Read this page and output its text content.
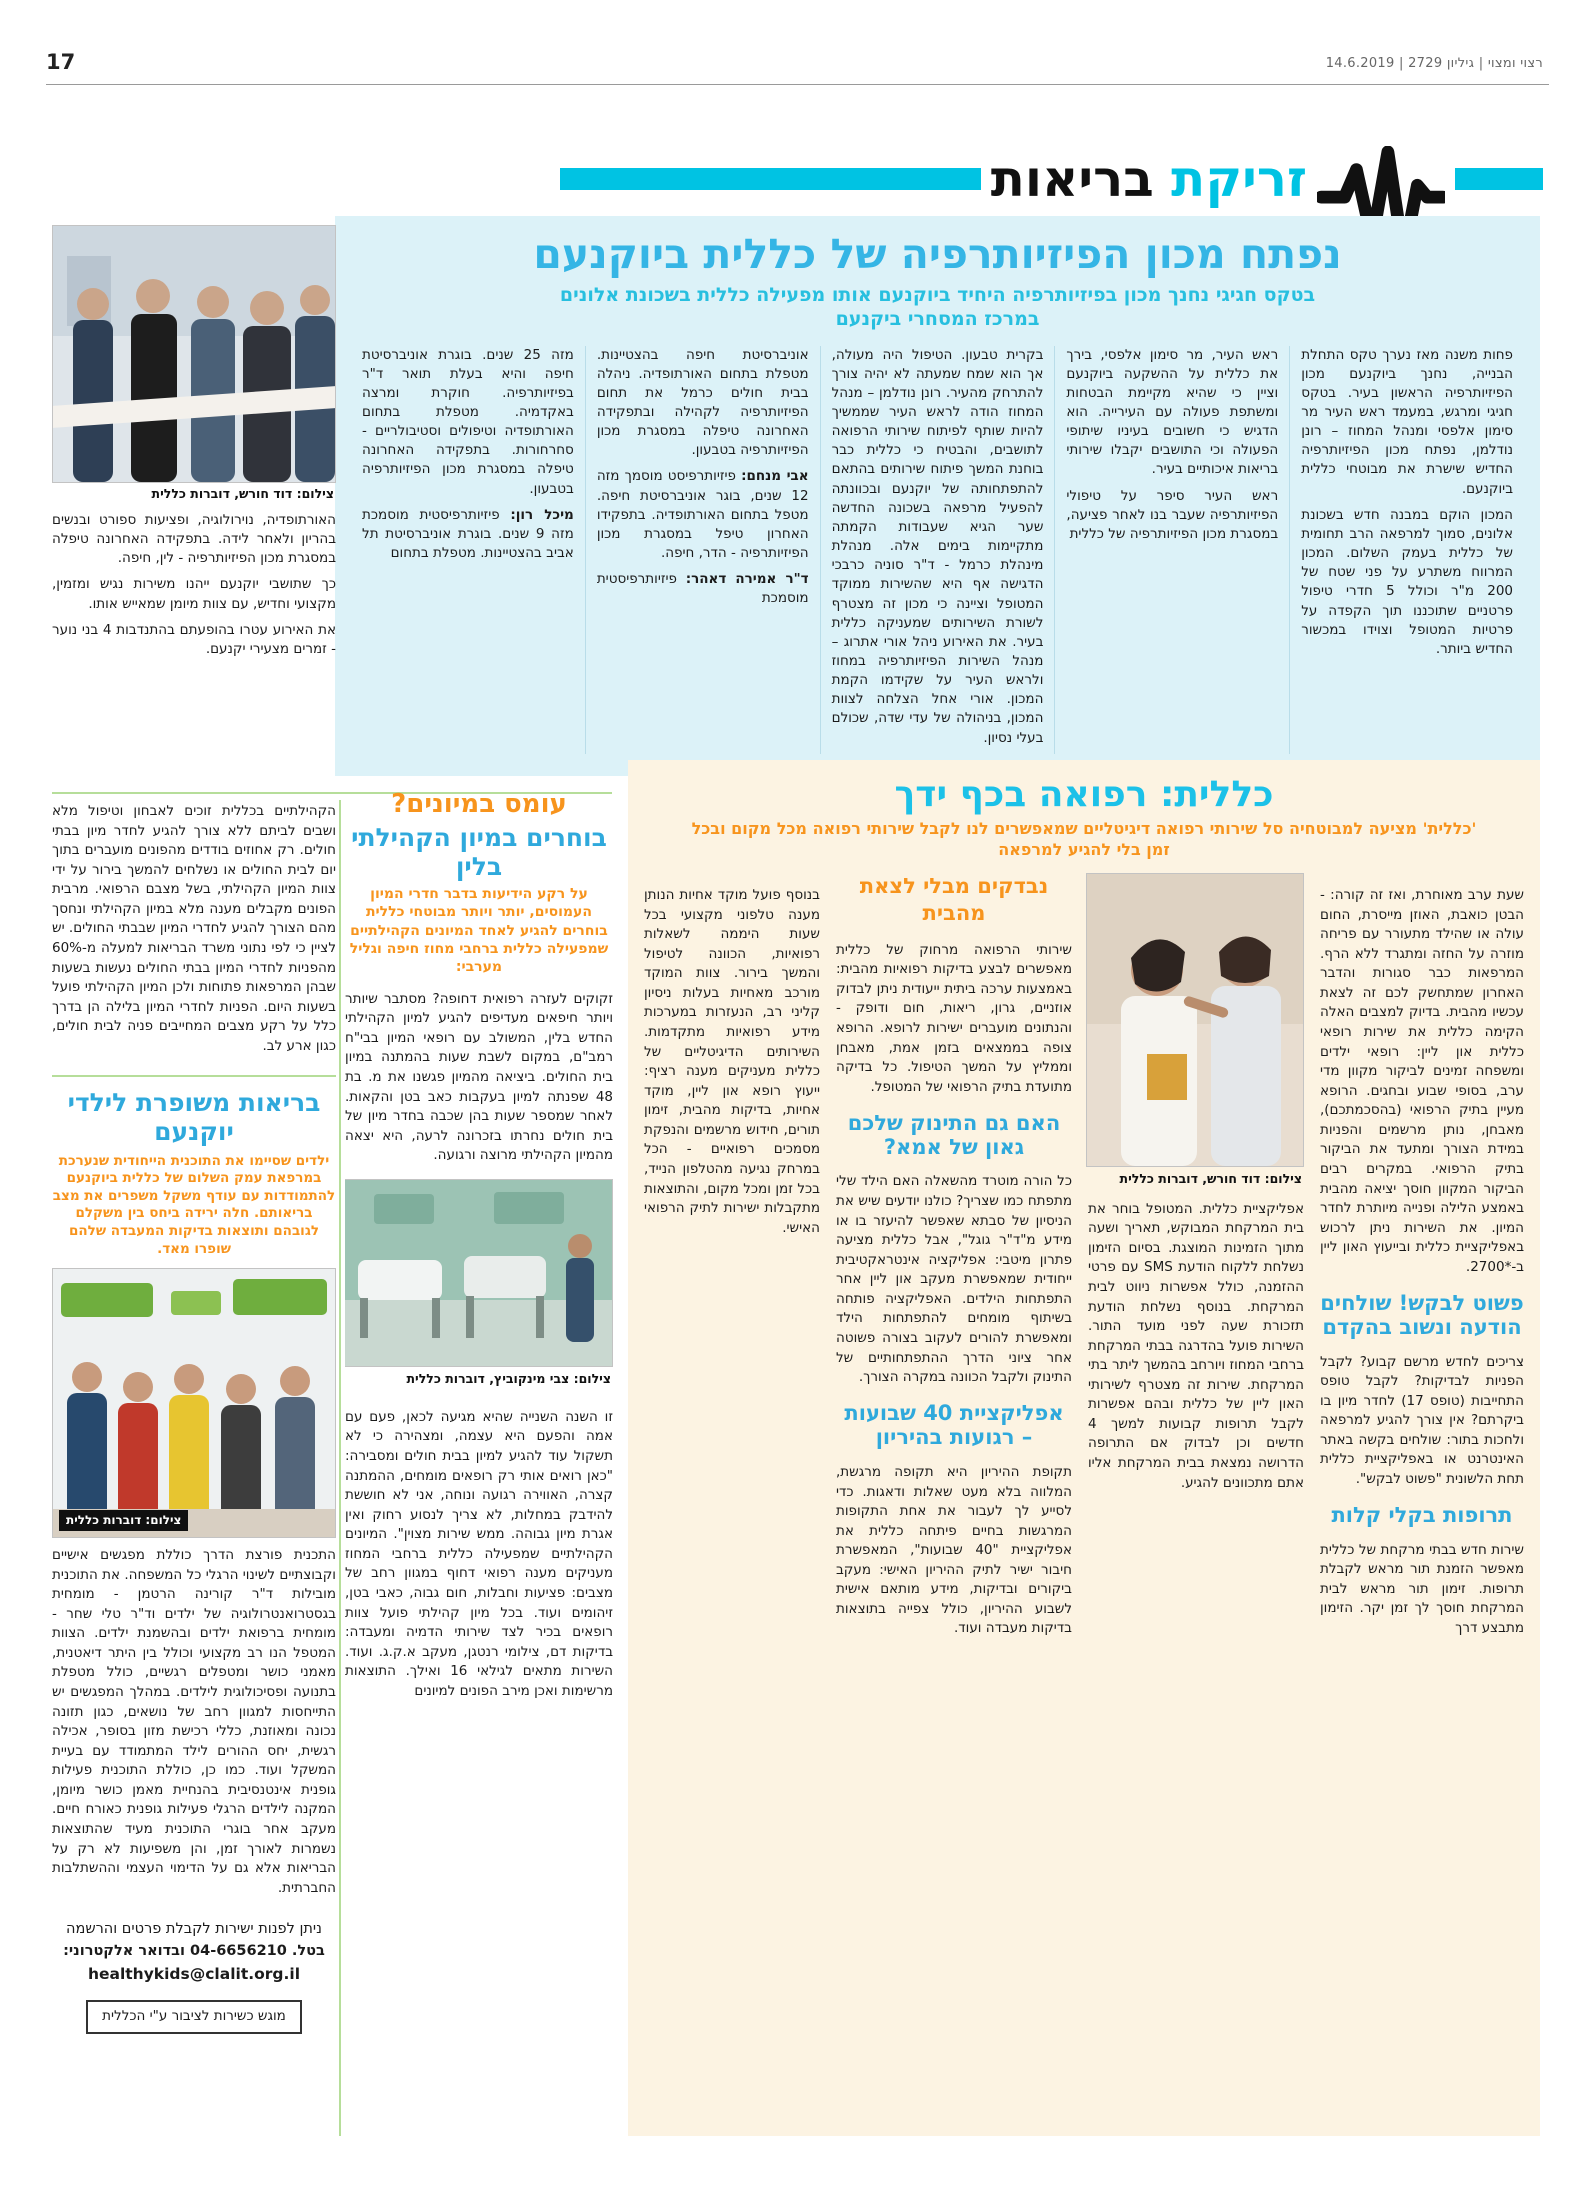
17	רצוי ומצוי | גיליון 2729 | 14.6.2019
זריקת בריאות
נפתח מכון הפיזיותרפיה של כללית ביוקנעם
בטקס חגיגי נחנך מכון בפיזיותרפיה היחיד ביוקנעם אותו מפעילה כללית בשכונת אלונים במרכז המסחרי ביקנעם

פחות משנה מאז נערך טקס התחלת הבנייה, נחנך ביוקנעם מכון הפיזיותרפיה הראשון בעיר. בטקס חגיגי ומרגש, במעמד ראש העיר מר סימון אלפסי ומנהל המחוז – רונן נודלמן, נפתח מכון הפיזיותרפיה החדיש שישרת את מבוטחי כללית ביוקנעם.

המכון הוקם במבנה חדש בשכונת אלונים, סמוך למרפאה הרב תחומית של כללית בעמק השלום. המכון המרווח משתרע על פני שטח של 200 מ"ר וכולל 5 חדרי טיפול פרטניים שתוכננו תוך הקפדה על פרטיות המטופל וצוידו במכשור החדיש ביותר.

ראש העיר, מר סימון אלפסי, בירך את כללית על ההשקעה ביוקנעם וציין כי שהיא מקיימת הבטחות ומשתפת פעולה עם העירייה. הוא הדגיש כי חשובים בעיניו שיתופי הפעולה וכי התושבים יקבלו שירותי בריאות איכותיים בעיר.

ראש העיר סיפר על טיפולי הפיזיותרפיה שעבר בנו לאחר פציעה, במסגרת מכון הפיזיותרפיה של כללית

בקרית טבעון. הטיפול היה מעולה, אך הוא שמח שמעתה לא יהיה צורך להתרחק מהעיר. רונן נודלמן – מנהל המחוז הודה לראש העיר שממשיך להיות שותף לפיתוח שירותי הרפואה לתושבים, והבטיח כי כללית כבר בוחנת המשך פיתוח שירותים בהתאם להתפתחותה של יוקנעם ובכוונתה להפעיל מרפאה בשכונה החדשה שער הגיא שעבודות הקמתה מתקיימות בימים אלה. מנהלת מינהלת כרמל - ד"ר סוניה כרבכי הדגישה אף היא שהשירות ממוקד המטופל וציינה כי מכון זה מצטרף לשורת השירותים שמעניקה כללית בעיר. את האירוע ניהל אורי אתרוג – מנהל השירות הפיזיותרפיה במחוז ולראש העיר על שקידמו הקמת המכון. אורי אחל הצלחה לצוות המכון, בניהולה של עדי שדה, שכולם בעלי נסיון.

אוניברסיטת חיפה בהצטיינות. מטפלת בתחום האורתופדיה. ניהלה בבית חולים כרמל את תחום הפיזיותרפיה לקהילה ובתפקידה האחרונה טיפלה במסגרת מכון הפיזיותרפיה בטבעון.

אבי מנחם: פיזיותרפיסט מוסמך מזה 12 שנים, בוגר אוניברסיטת חיפה. מטפל בתחום האורתופדיה. בתפקידו האחרון טיפל במסגרת מכון הפיזיותרפיה - הדר, חיפה.

ד"ר אמירה דאהר: פיזיותרפיסטית מוסמכת

מזה 25 שנים. בוגרת אוניברסיטת חיפה והיא בעלת תואר ד"ר בפיזיותרפיה. חוקרת ומרצה באקדמיה. מטפלת בתחום האורתופדיה וטיפולים וסטיבולריים - סחרחורות. בתפקידה האחרונה טיפלה במסגרת מכון הפיזיותרפיה בטבעון.

מיכל רון: פיזיותרפיסטית מוסמכת מזה 9 שנים. בוגרת אוניברסיטת תל אביב בהצטיינות. מטפלת בתחום

צילום: דוד חורש, דוברות כללית

האורתופדיה, נוירולוגיה, ופציעות ספורט ובנשים בהריון ולאחר לידה. בתפקידה האחרונה טיפלה במסגרת מכון הפיזיותרפיה - לין, חיפה.

כך שתושבי יוקנעם ייהנו משירות נגיש ומזמין, מקצועי וחדיש, עם צוות מיומן שמאייש אותו.

את האירוע עטרו בהופעתם בהתנדבות 4 בני נוער - זמרים מצעירי יקנעם.

הקהילתיים בכללית זוכים לאבחון וטיפול מלא ושבים לביתם ללא צורך להגיע לחדר מיון בבתי חולים. רק אחוזים בודדים מהפונים מועברים בתוך יום לבית החולים או נשלחים להמשך בירור על ידי צוות המיון הקהילתי, בשל מצבם הרפואי. מרבית הפונים מקבלים מענה מלא במיון הקהילתי ונחסך מהם הצורך להגיע לחדרי המיון שבבתי החולים. יש לציין כי לפי נתוני משרד הבריאות למעלה מ-60% מהפניות לחדרי המיון בבתי החולים נעשות בשעות שבהן המרפאות פתוחות ולכן המיון הקהילתי פועל בשעות היום. הפניות לחדרי המיון בלילה הן בדרך כלל על רקע מצבים המחייבים פניה לבית חולים, כגון ארע לב.

בריאות משופרת לילדי יוקנעם
ילדים שסיימו את התוכנית הייחודית שנערכת במרפאת עמק השלום של כללית ביוקנעם להתמודדות עם עודף משקל משפרים את מצב בריאותם. חלה ירידה ביחס בין משקלם לגובהם ותוצאות בדיקות המעבדה שלהם שופרו מאד.
צילום: דוברות כללית

התכנית פורצת הדרך כוללת מפגשים אישיים וקבוצתיים לשינוי הרגלי כל המשפחה. את התוכנית מובילות ד"ר קורינה הרטמן - מומחית בגסטרואנטרולוגיה של ילדים וד"ר טלי שחר - מומחית ברפואת ילדים ובהשמנת ילדים. הצוות המטפל הנו רב מקצועי וכולל בין היתר דיאטנית, מאמני כושר ומטפלים רגשיים, כולל מטפלת בתנועה ופסיכולוגית לילדים. במהלך המפגשים יש התייחסות למגוון רחב של נושאים, כגון תזונה נכונה ומאוזנת, כללי רכישת מזון בסופר, אכילה רגשית, יחס ההורים לילד המתמודד עם בעיית המשקל ועוד. כמו כן, כוללת התוכנית פעילות גופנית אינטנסיבית בהנחיית מאמן כושר מיומן, המקנה לילדים הרגלי פעילות גופנית כאורח חיים. מעקב אחר בוגרי התוכנית מעיד שהתוצאות נשמרות לאורך זמן, והן משפיעות לא רק על הבריאות אלא גם על הדימוי העצמי וההשתלבות החברתית.

ניתן לפנות ישירות לקבלת פרטים והרשמה
בטל. 04-6656210 ובדואר אלקטרוני:
healthykids@clalit.org.il
מוגש כשירות לציבור ע"י הכללית
עומס במיונים?
בוחרים במיון הקהילתי בלין
על רקע הידיעות בדבר חדרי המיון העמוסים, יותר ויותר מבוטחי כללית בוחרים להגיע לאחד המיונים הקהילתיים שמפעילה כללית ברחבי מחוז חיפה וגליל מערבי:

זקוקים לעזרה רפואית דחופה? מסתבר שיותר ויותר חיפאים מעדיפים להגיע למיון הקהילתי החדש בלין, המשולב עם רופאי המיון בבי"ח רמב"ם, במקום לשבת שעות בהמתנה במיון בית החולים. ביציאה מהמיון פגשנו את מ. בת 48 שפנתה למיון בעקבות כאב בטן והקאות. לאחר שמספר שעות בהן שכבה בחדר מיון של בית חולים נחרתו בזכרונה לרעה, היא יצאה מהמיון הקהילתי מרוצה ורגועה.

צילום: צבי מינקוביץ, דוברות כללית

זו השנה השנייה שהיא מגיעה לכאן, פעם עם אמה והפעם היא עצמה, ומצהירה כי לא תשקול עוד להגיע למיון בבית חולים ומסבירה: "כאן רואים אותי רק רופאים מומחים, ההמתנה קצרה, האווירה רגועה ונוחה, אני לא חוששת להידבק במחלות, לא צריך לנסוע רחוק ואין אגרת מיון גבוהה. ממש שירות מצוין". המיונים הקהילתיים שמפעילה כללית ברחבי המחוז מעניקים מענה רפואי דחוף במגוון רחב של מצבים: פציעות וחבלות, חום גבוה, כאבי בטן, זיהומים ועוד. בכל מיון קהילתי פועל צוות רופאים בכיר לצד שירותי הדמיה ומעבדה: בדיקות דם, צילומי רנטגן, מעקב א.ק.ג. ועוד. השירות מתאים לגילאי 16 ואילך. התוצאות מרשימות ואכן מירב הפונים למיונים

כללית: רפואה בכף ידך
'כללית' מציעה למבוטחיה סל שירותי רפואה דיגיטליים שמאפשרים לנו לקבל שירותי רפואה מכל מקום ובכל זמן בלי להגיע למרפאה

שעת ערב מאוחרת, ואז זה קורה: - הבטן כואבת, האוזן מייסרת, החום עולה או שהילד מתעורר עם פריחה מוזרה על החזה ומתגרד ללא הרף. המרפאות כבר סגורות והדבר האחרון שמתחשק לכם זה לצאת עכשיו מהבית. בדיוק למצבים האלה הקימה כללית את שירות רופאי כללית און ליין: רופאי ילדים ומשפחה זמינים לביקור מקוון מדי ערב, בסופי שבוע ובחגים. הרופא מעיין בתיק הרפואי (בהסכמתכם), מאבחן, נותן מרשמים והפניות במידת הצורך ומתעד את הביקור בתיק הרפואי. במקרים רבים הביקור המקוון חוסך יציאה מהבית באמצע הלילה ופנייה מיותרת לחדר המיון. את השירות ניתן לרכוש באפליקציית כללית ובייעוץ האון ליין ב-*2700.

פשוט לבקש! שולחים הודעה ונשוב בהקדם

צריכים לחדש מרשם קבוע? לקבל הפניות לבדיקות? לקבל טופס התחייבות (טופס 17) לחדר מיון בו ביקרתם? אין צורך להגיע למרפאה ולחכות בתור: שולחים בקשה באתר האינטרנט או באפליקציית כללית תחת הלשונית "פשוט לבקש".

תרופות בקלי קלות

שירות חדש בבתי מרקחת של כללית מאפשר הזמנת תור מראש לקבלת תרופות. זימון תור מראש לבית המרקחת חוסך לך זמן יקר. הזימון מתבצע דרך

צילום: דוד חורש, דוברות כללית

אפליקציית כללית. המטופל בוחר את בית המרקחת המבוקש, תאריך ושעה מתוך הזמינות המוצגת. בסיום הזימון נשלחת ללקוח הודעת SMS עם פרטי ההזמנה, כולל אפשרות ניווט לבית המרקחת. בנוסף נשלחת הודעת תזכורת שעה לפני מועד התור. השירות פועל בהדרגה בבתי המרקחת ברחבי המחוז ויורחב בהמשך ליתר בתי המרקחת. שירות זה מצטרף לשירותי האון ליין של כללית ובהם אפשרות לקבל תרופות קבועות למשך 4 חדשים וכן לבדוק אם התרופה הדרושה נמצאת בבית המרקחת אליו אתם מתכוונים להגיע.

נבדקים מבלי לצאת מהבית

שירותי הרפואה מרחוק של כללית מאפשרים לבצע בדיקות רפואיות מהבית: באמצעות ערכה ביתית ייעודית ניתן לבדוק אוזניים, גרון, ריאות, חום ודופק - והנתונים מועברים ישירות לרופא. הרופא צופה בממצאים בזמן אמת, מאבחן וממליץ על המשך הטיפול. כל בדיקה מתועדת בתיק הרפואי של המטופל.

האם גם התינוק שלכם גאון של אמא?

כל הורה מוטרד מהשאלה האם הילד שלי מתפתח כמו שצריך? כולנו יודעים שיש את הניסיון של סבתא שאפשר להיעזר בו או מידע מ"ד"ר גוגל", אבל כללית מציעה פתרון מיטבי: אפליקציה אינטראקטיבית ייחודית שמאפשרת מעקב און ליין אחר התפתחות הילדים. האפליקציה פותחה בשיתוף מומחים להתפתחות הילד ומאפשרת להורים לעקוב בצורה פשוטה אחר ציוני הדרך ההתפתחותיים של התינוק ולקבל הכוונה במקרה הצורך.

אפליקציית 40 שבועות – רגועות בהיריון

תקופת ההיריון היא תקופה מרגשת, המלווה בלא מעט שאלות ודאגות. כדי לסייע לך לעבור את אחת התקופות המרגשות בחיים פיתחה כללית את אפליקציית "40 שבועות", המאפשרת חיבור ישיר לתיק ההיריון האישי: מעקב ביקורים ובדיקות, מידע מותאם אישית לשבוע ההיריון, כולל צפייה בתוצאות בדיקות מעבדה ועוד.

בנוסף פועל מוקד אחיות הנותן מענה טלפוני מקצועי בכל שעות היממה לשאלות רפואיות, הכוונה לטיפול והמשך בירור. צוות המוקד מורכב מאחיות בעלות ניסיון קליני רב, הנעזרות במערכות מידע רפואיות מתקדמות. השירותים הדיגיטליים של כללית מעניקים מענה רציף: ייעוץ רופא און ליין, מוקד אחיות, בדיקות מהבית, זימון תורים, חידוש מרשמים והנפקת מסמכים רפואיים - הכל במרחק נגיעה מהטלפון הנייד, בכל זמן ומכל מקום, והתוצאות מתקבלות ישירות לתיק הרפואי האישי.
